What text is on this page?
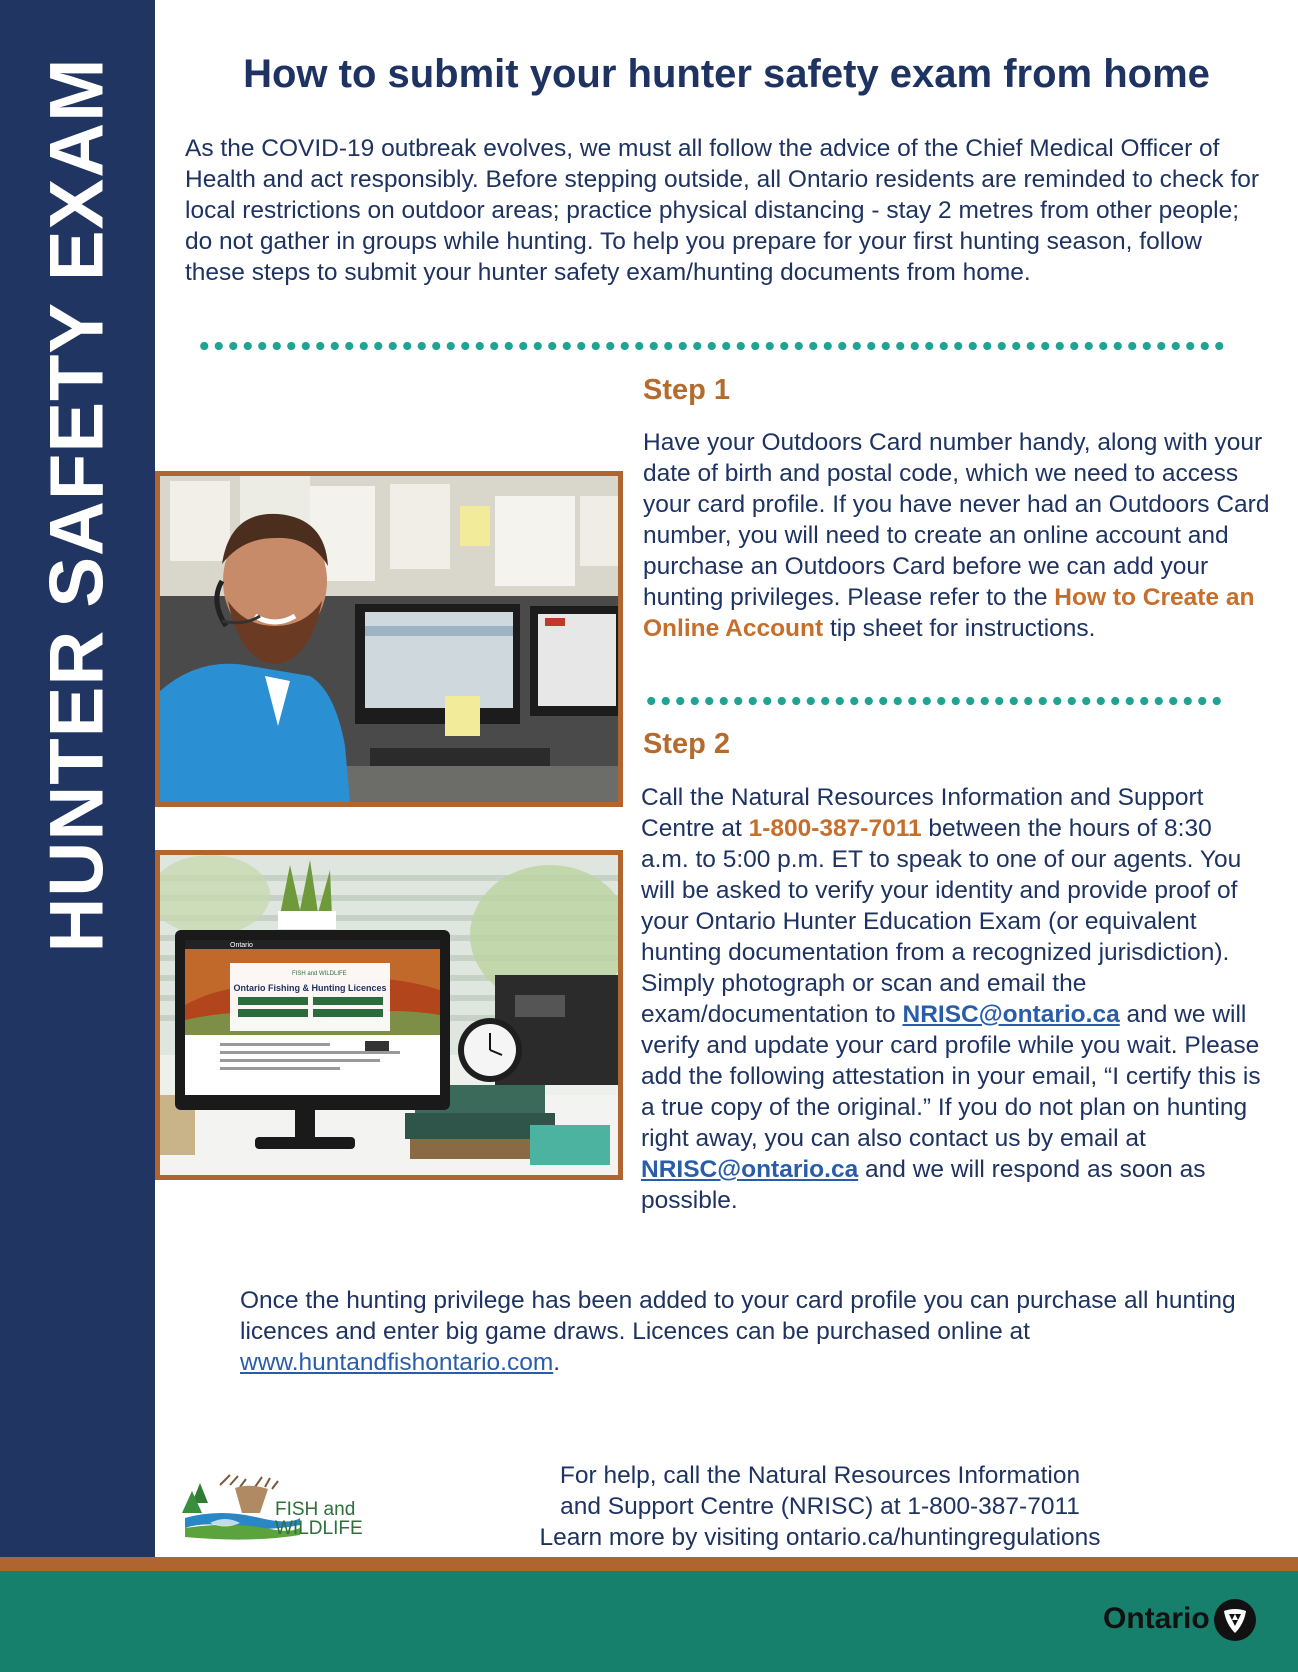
HUNTER SAFETY EXAM	How to submit your hunter safety exam from home

As the COVID-19 outbreak evolves, we must all follow the advice of the Chief Medical Officer of Health and act responsibly. Before stepping outside, all Ontario residents are reminded to check for local restrictions on outdoor areas; practice physical distancing - stay 2 metres from other people; do not gather in groups while hunting. To help you prepare for your first hunting season, follow these steps to submit your hunter safety exam/hunting documents from home.

Step 1

Have your Outdoors Card number handy, along with your date of birth and postal code, which we need to access your card profile. If you have never had an Outdoors Card number, you will need to create an online account and purchase an Outdoors Card before we can add your hunting privileges. Please refer to the How to Create an Online Account tip sheet for instructions.

Step 2

Call the Natural Resources Information and Support Centre at 1-800-387-7011 between the hours of 8:30 a.m. to 5:00 p.m. ET to speak to one of our agents. You will be asked to verify your identity and provide proof of your Ontario Hunter Education Exam (or equivalent hunting documentation from a recognized jurisdiction). Simply photograph or scan and email the exam/documentation to NRISC@ontario.ca and we will verify and update your card profile while you wait. Please add the following attestation in your email, “I certify this is a true copy of the original.” If you do not plan on hunting right away, you can also contact us by email at NRISC@ontario.ca and we will respond as soon as possible.

Ontario
FISH and WILDLIFE
Ontario Fishing & Hunting Licences

Once the hunting privilege has been added to your card profile you can purchase all hunting licences and enter big game draws. Licences can be purchased online at www.huntandfishontario.com.

FISH and
WILDLIFE
For help, call the Natural Resources Information
and Support Centre (NRISC) at 1-800-387-7011
Learn more by visiting ontario.ca/huntingregulations
Ontario
